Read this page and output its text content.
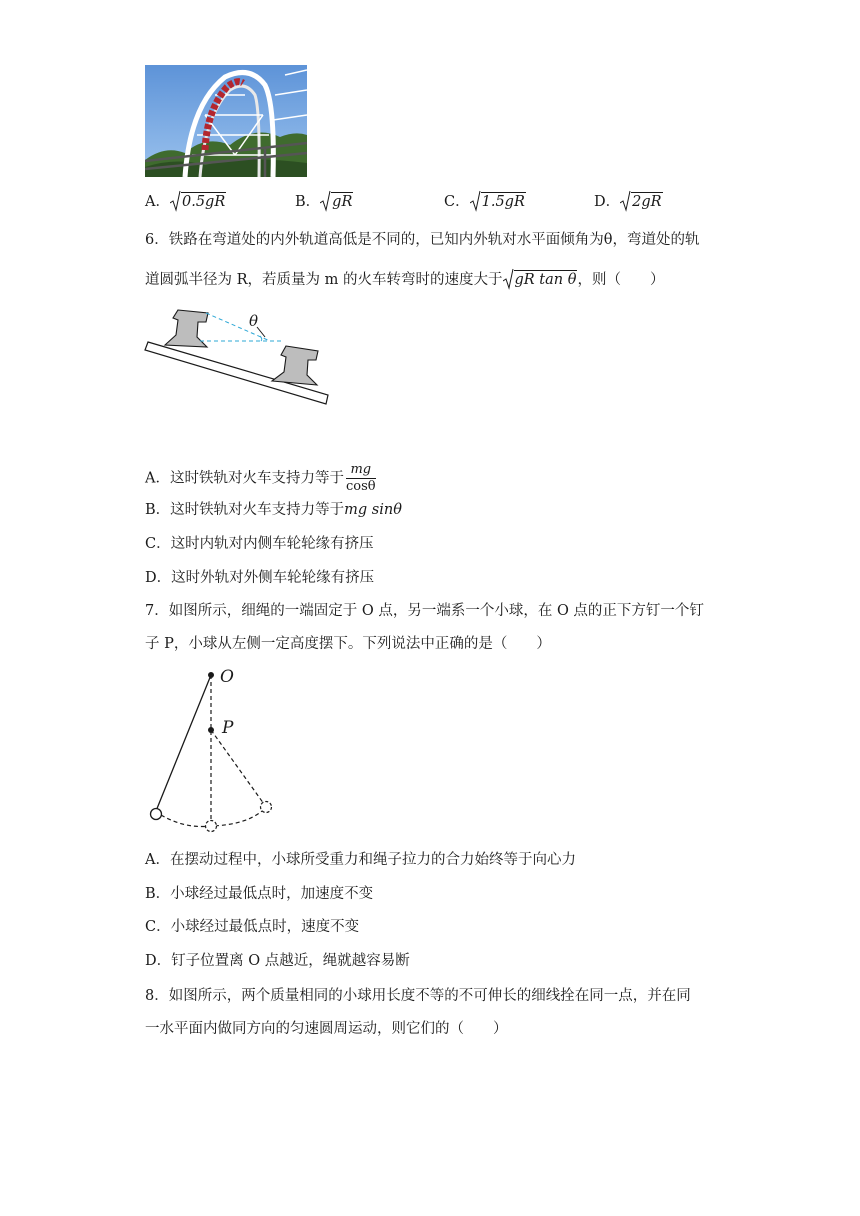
A． 0.5gR	B． gR	C． 1.5gR	D． 2gR
6．铁路在弯道处的内外轨道高低是不同的，已知内外轨对水平面倾角为θ，弯道处的轨
道圆弧半径为 R，若质量为 m 的火车转弯时的速度大于 gR tan θ，则（　　）
θ
A．这时铁轨对火车支持力等于 $\frac{mg}{\cos\theta}$
B．这时铁轨对火车支持力等于mg sinθ
C．这时内轨对内侧车轮轮缘有挤压
D．这时外轨对外侧车轮轮缘有挤压
7．如图所示，细绳的一端固定于 O 点，另一端系一个小球，在 O 点的正下方钉一个钉
子 P，小球从左侧一定高度摆下。下列说法中正确的是（　　）
O
P
A．在摆动过程中，小球所受重力和绳子拉力的合力始终等于向心力
B．小球经过最低点时，加速度不变
C．小球经过最低点时，速度不变
D．钉子位置离 O 点越近，绳就越容易断
8．如图所示，两个质量相同的小球用长度不等的不可伸长的细线拴在同一点，并在同
一水平面内做同方向的匀速圆周运动，则它们的（　　）
